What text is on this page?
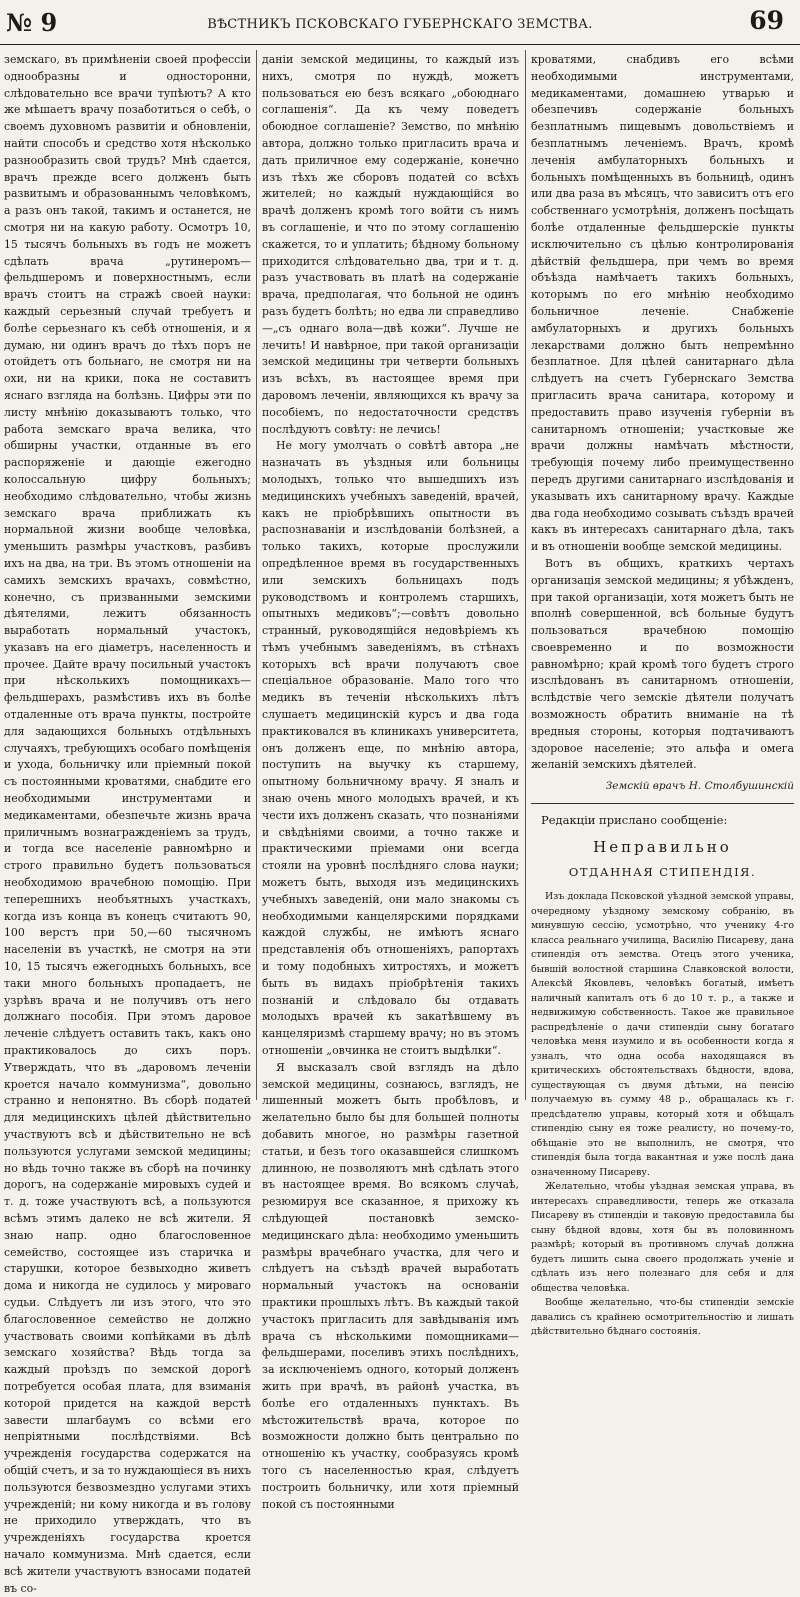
№ 9	ВѢСТНИКЪ ПСКОВСКАГО ГУБЕРНСКАГО ЗЕМСТВА.	69

земскаго, въ примѣненіи своей профессіи однообразны и односторонни, слѣдовательно все врачи тупѣютъ? А кто же мѣшаетъ врачу позаботиться о себѣ, о своемъ духовномъ развитіи и обновленіи, найти способъ и средство хотя нѣсколько разнообразить свой трудъ? Мнѣ сдается, врачъ прежде всего долженъ быть развитымъ и образованнымъ человѣкомъ, а разъ онъ такой, такимъ и останется, не смотря ни на какую работу. Осмотръ 10, 15 тысячъ больныхъ въ годъ не можетъ сдѣлать врача „рутинеромъ—фельдшеромъ и поверхностнымъ, если врачъ стоитъ на стражѣ своей науки: каждый серьезный случай требуетъ и болѣе серьезнаго къ себѣ отношенія, и я думаю, ни одинъ врачъ до тѣхъ поръ не отойдетъ отъ больнаго, не смотря ни на охи, ни на крики, пока не составитъ яснаго взгляда на болѣзнь. Цифры эти по листу мнѣнію доказываютъ только, что работа земскаго врача велика, что обширны участки, отданные въ его распоряженіе и дающіе ежегодно колоссальную цифру больныхъ; необходимо слѣдовательно, чтобы жизнь земскаго врача приближать къ нормальной жизни вообще человѣка, уменьшить размѣры участковъ, разбивъ ихъ на два, на три. Въ этомъ отношеніи на самихъ земскихъ врачахъ, совмѣстно, конечно, съ призванными земскими дѣятелями, лежитъ обязанность выработать нормальный участокъ, указавъ на его діаметръ, населенность и прочее. Дайте врачу посильный участокъ при нѣсколькихъ помощникахъ—фельдшерахъ, размѣстивъ ихъ въ болѣе отдаленные отъ врача пункты, постройте для задающихся больныхъ отдѣльныхъ случаяхъ, требующихъ особаго помѣщенія и ухода, больничку или пріемный покой съ постоянными кроватями, снабдите его необходимыми инструментами и медикаментами, обезпечьте жизнь врача приличнымъ вознагражденіемъ за трудъ, и тогда все населеніе равномѣрно и строго правильно будетъ пользоваться необходимою врачебною помощію. При теперешнихъ необъятныхъ участкахъ, когда изъ конца въ конецъ считаютъ 90, 100 верстъ при 50,—60 тысячномъ населеніи въ участкѣ, не смотря на эти 10, 15 тысячъ ежегодныхъ больныхъ, все таки много больныхъ пропадаетъ, не узрѣвъ врача и не получивъ отъ него должнаго пособія. При этомъ даровое леченіе слѣдуетъ оставить такъ, какъ оно практиковалось до сихъ поръ. Утверждать, что въ „даровомъ леченіи кроется начало коммунизма“, довольно странно и непонятно. Въ сборѣ податей для медицинскихъ цѣлей дѣйствительно участвуютъ всѣ и дѣйствительно не всѣ пользуются услугами земской медицины; но вѣдь точно также въ сборѣ на починку дорогъ, на содержаніе мировыхъ судей и т. д. тоже участвуютъ всѣ, а пользуются всѣмъ этимъ далеко не всѣ жители. Я знаю напр. одно благословенное семейство, состоящее изъ старичка и старушки, которое безвыходно живетъ дома и никогда не судилось у мироваго судьи. Слѣдуетъ ли изъ этого, что это благословенное семейство не должно участвовать своими копѣйками въ дѣлѣ земскаго хозяйства? Вѣдь тогда за каждый проѣздъ по земской дорогѣ потребуется особая плата, для взиманія которой придется на каждой верстѣ завести шлагбаумъ со всѣми его непріятными послѣдствіями. Всѣ учрежденія государства содержатся на общій счетъ, и за то нуждающіеся въ нихъ пользуются безвозмездно услугами этихъ учрежденій; ни кому никогда и въ голову не приходило утверждать, что въ учрежденіяхъ государства кроется начало коммунизма. Мнѣ сдается, если всѣ жители участвуютъ взносами податей въ со-

даніи земской медицины, то каждый изъ нихъ, смотря по нуждѣ, можетъ пользоваться ею безъ всякаго „обоюднаго соглашенія“. Да къ чему поведетъ обоюдное соглашеніе? Земство, по мнѣнію автора, должно только пригласить врача и дать приличное ему содержаніе, конечно изъ тѣхъ же сборовъ податей со всѣхъ жителей; но каждый нуждающійся во врачѣ долженъ кромѣ того войти съ нимъ въ соглашеніе, и что по этому соглашенію скажется, то и уплатить; бѣдному больному приходится слѣдовательно два, три и т. д. разъ участвовать въ платѣ на содержаніе врача, предполагая, что больной не одинъ разъ будетъ болѣть; но едва ли справедливо—„съ однаго вола—двѣ кожи“. Лучше не лечить! И навѣрное, при такой организаціи земской медицины три четверти больныхъ изъ всѣхъ, въ настоящее время при даровомъ леченіи, являющихся къ врачу за пособіемъ, по недостаточности средствъ послѣдуютъ совѣту: не лечись!

Не могу умолчать о совѣтѣ автора „не назначать въ уѣздныя или больницы молодыхъ, только что вышедшихъ изъ медицинскихъ учебныхъ заведеній, врачей, какъ не пріобрѣвшихъ опытности въ распознаваніи и изслѣдованіи болѣзней, а только такихъ, которые прослужили опредѣленное время въ государственныхъ или земскихъ больницахъ подъ руководствомъ и контролемъ старшихъ, опытныхъ медиковъ“;—совѣтъ довольно странный, руководящійся недовѣріемъ къ тѣмъ учебнымъ заведеніямъ, въ стѣнахъ которыхъ всѣ врачи получаютъ свое спеціальное образованіе. Мало того что медикъ въ теченіи нѣсколькихъ лѣтъ слушаетъ медицинскій курсъ и два года практиковался въ клиникахъ университета, онъ долженъ еще, по мнѣнію автора, поступить на выучку къ старшему, опытному больничному врачу. Я зналъ и знаю очень много молодыхъ врачей, и къ чести ихъ долженъ сказать, что познаніями и свѣдѣніями своими, а точно также и практическими пріемами они всегда стояли на уровнѣ послѣдняго слова науки; можетъ быть, выходя изъ медицинскихъ учебныхъ заведеній, они мало знакомы съ необходимыми канцелярскими порядками каждой службы, не имѣютъ яснаго представленія объ отношеніяхъ, рапортахъ и тому подобныхъ хитростяхъ, и можетъ быть въ видахъ пріобрѣтенія такихъ познаній и слѣдовало бы отдавать молодыхъ врачей къ закатѣвшему въ канцеляризмѣ старшему врачу; но въ этомъ отношеніи „овчинка не стоитъ выдѣлки“.

Я высказалъ свой взглядъ на дѣло земской медицины, сознаюсь, взглядъ, не лишенный можетъ быть пробѣловъ, и желательно было бы для большей полноты добавить многое, но размѣры газетной статьи, и безъ того оказавшейся слишкомъ длинною, не позволяютъ мнѣ сдѣлать этого въ настоящее время. Во всякомъ случаѣ, резюмируя все сказанное, я прихожу къ слѣдующей постановкѣ земско-медицинскаго дѣла: необходимо уменьшить размѣры врачебнаго участка, для чего и слѣдуетъ на съѣздѣ врачей выработать нормальный участокъ на основаніи практики прошлыхъ лѣтъ. Въ каждый такой участокъ пригласить для завѣдыванія имъ врача съ нѣсколькими помощниками—фельдшерами, поселивъ этихъ послѣднихъ, за исключеніемъ одного, который долженъ жить при врачѣ, въ районѣ участка, въ болѣе его отдаленныхъ пунктахъ. Въ мѣстожительствѣ врача, которое по возможности должно быть центрально по отношенію къ участку, сообразуясь кромѣ того съ населенностью края, слѣдуетъ построить больничку, или хотя пріемный покой съ постоянными

кроватями, снабдивъ его всѣми необходимыми инструментами, медикаментами, домашнею утварью и обезпечивъ содержаніе больныхъ безплатнымъ пищевымъ довольствіемъ и безплатнымъ леченіемъ. Врачъ, кромѣ леченія амбулаторныхъ больныхъ и больныхъ помѣщенныхъ въ больницѣ, одинъ или два раза въ мѣсяцъ, что зависитъ отъ его собственнаго усмотрѣнія, долженъ посѣщать болѣе отдаленные фельдшерскіе пункты исключительно съ цѣлью контролированія дѣйствій фельдшера, при чемъ во время объѣзда намѣчаетъ такихъ больныхъ, которымъ по его мнѣнію необходимо больничное леченіе. Снабженіе амбулаторныхъ и другихъ больныхъ лекарствами должно быть непремѣнно безплатное. Для цѣлей санитарнаго дѣла слѣдуетъ на счетъ Губернскаго Земства пригласить врача санитара, которому и предоставить право изученія губерніи въ санитарномъ отношеніи; участковые же врачи должны намѣчать мѣстности, требующія почему либо преимущественно передъ другими санитарнаго изслѣдованія и указывать ихъ санитарному врачу. Каждые два года необходимо созывать съѣздъ врачей какъ въ интересахъ санитарнаго дѣла, такъ и въ отношеніи вообще земской медицины.

Вотъ въ общихъ, краткихъ чертахъ организація земской медицины; я убѣжденъ, при такой организаціи, хотя можетъ быть не вполнѣ совершенной, всѣ больные будутъ пользоваться врачебною помощію своевременно и по возможности равномѣрно; край кромѣ того будетъ строго изслѣдованъ въ санитарномъ отношеніи, вслѣдствіе чего земскіе дѣятели получатъ возможность обратить вниманіе на тѣ вредныя стороны, которыя подтачиваютъ здоровое населеніе; это альфа и омега желаній земскихъ дѣятелей.

Земскій врачъ Н. Столбушинскій
Редакціи прислано сообщеніе:
Неправильно
ОТДАННАЯ СТИПЕНДІЯ.

Изъ доклада Псковской уѣздной земской управы, очередному уѣздному земскому собранію, въ минувшую сессію, усмотрѣно, что ученику 4-го класса реальнаго училища, Василію Писареву, дана стипендія отъ земства. Отецъ этого ученика, бывшій волостной старшина Славковской волости, Алексѣй Яковлевъ, человѣкъ богатый, имѣетъ наличный капиталъ отъ 6 до 10 т. р., а также и недвижимую собственность. Такое же правильное распредѣленіе о дачи стипендіи сыну богатаго человѣка меня изумило и въ особенности когда я узналъ, что одна особа находящаяся въ критическихъ обстоятельствахъ бѣдности, вдова, существующая съ двумя дѣтьми, на пенсію получаемую въ сумму 48 р., обращалась къ г. предсѣдателю управы, который хотя и обѣщалъ стипендію сыну ея тоже реалисту, но почему-то, обѣщаніе это не выполнилъ, не смотря, что стипендія была тогда вакантная и уже послѣ дана означенному Писареву.

Желательно, чтобы уѣздная земская управа, въ интересахъ справедливости, теперь же отказала Писареву въ стипендіи и таковую предоставила бы сыну бѣдной вдовы, хотя бы въ половинномъ размѣрѣ; который въ противномъ случаѣ должна будетъ лишить сына своего продолжать ученіе и сдѣлать изъ него полезнаго для себя и для общества человѣка.

Вообще желательно, что-бы стипендіи земскіе давались съ крайнею осмотрительностію и лишать дѣйствительно бѣднаго состоянія.
